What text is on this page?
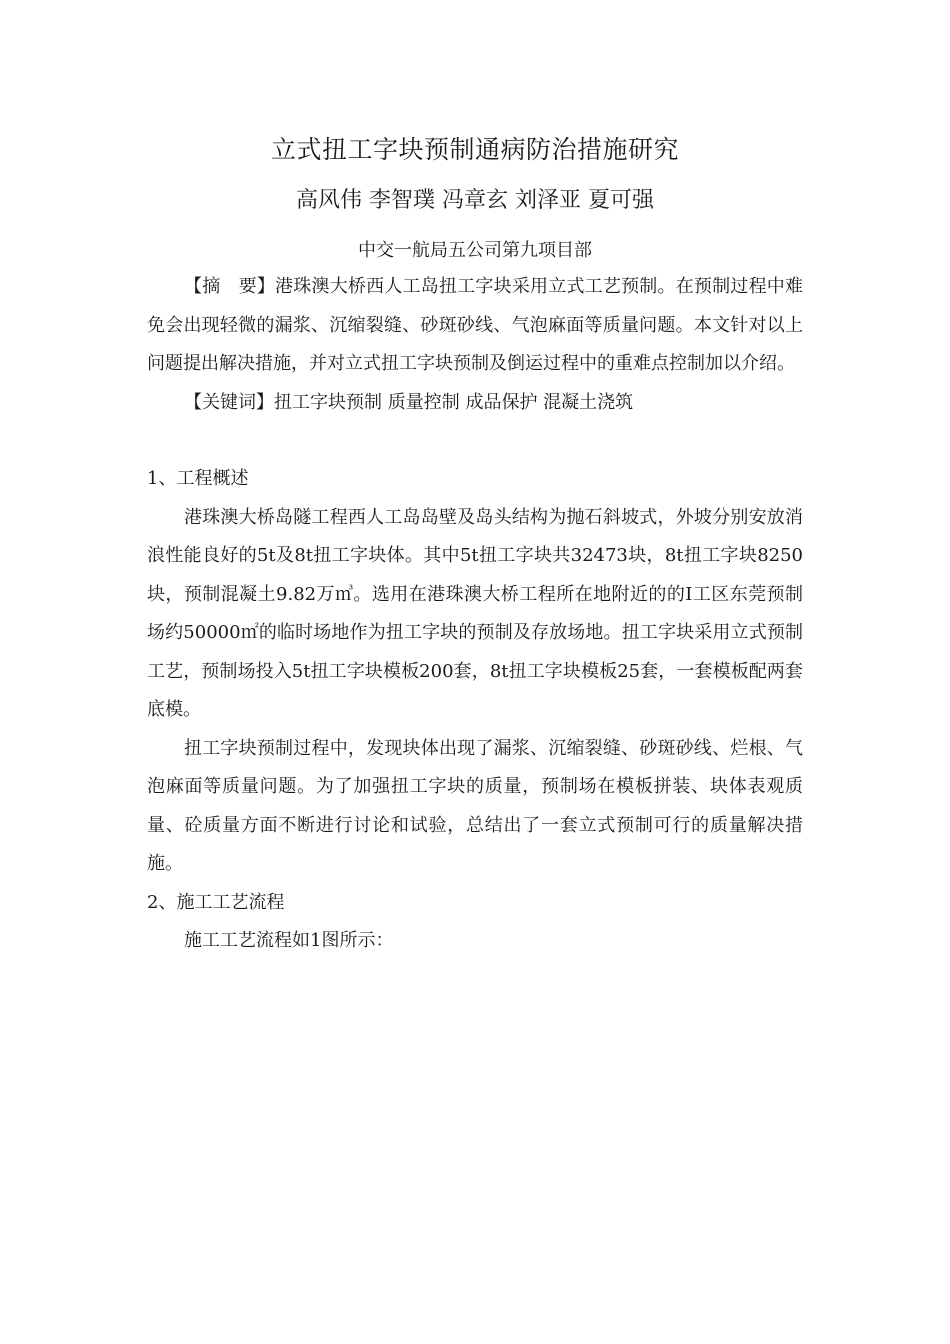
立式扭工字块预制通病防治措施研究
高风伟 李智璞 冯章玄 刘泽亚 夏可强
中交一航局五公司第九项目部

【摘　要】港珠澳大桥西人工岛扭工字块采用立式工艺预制。在预制过程中难免会出现轻微的漏浆、沉缩裂缝、砂斑砂线、气泡麻面等质量问题。本文针对以上问题提出解决措施，并对立式扭工字块预制及倒运过程中的重难点控制加以介绍。

【关键词】扭工字块预制 质量控制 成品保护 混凝土浇筑

1、工程概述

港珠澳大桥岛隧工程西人工岛岛壁及岛头结构为抛石斜坡式，外坡分别安放消浪性能良好的5t及8t扭工字块体。其中5t扭工字块共32473块，8t扭工字块8250块，预制混凝土9.82万㎥。选用在港珠澳大桥工程所在地附近的的Ⅰ工区东莞预制场约50000㎡的临时场地作为扭工字块的预制及存放场地。扭工字块采用立式预制工艺，预制场投入5t扭工字块模板200套，8t扭工字块模板25套，一套模板配两套底模。

扭工字块预制过程中，发现块体出现了漏浆、沉缩裂缝、砂斑砂线、烂根、气泡麻面等质量问题。为了加强扭工字块的质量，预制场在模板拼装、块体表观质量、砼质量方面不断进行讨论和试验，总结出了一套立式预制可行的质量解决措施。

2、施工工艺流程

施工工艺流程如1图所示：
